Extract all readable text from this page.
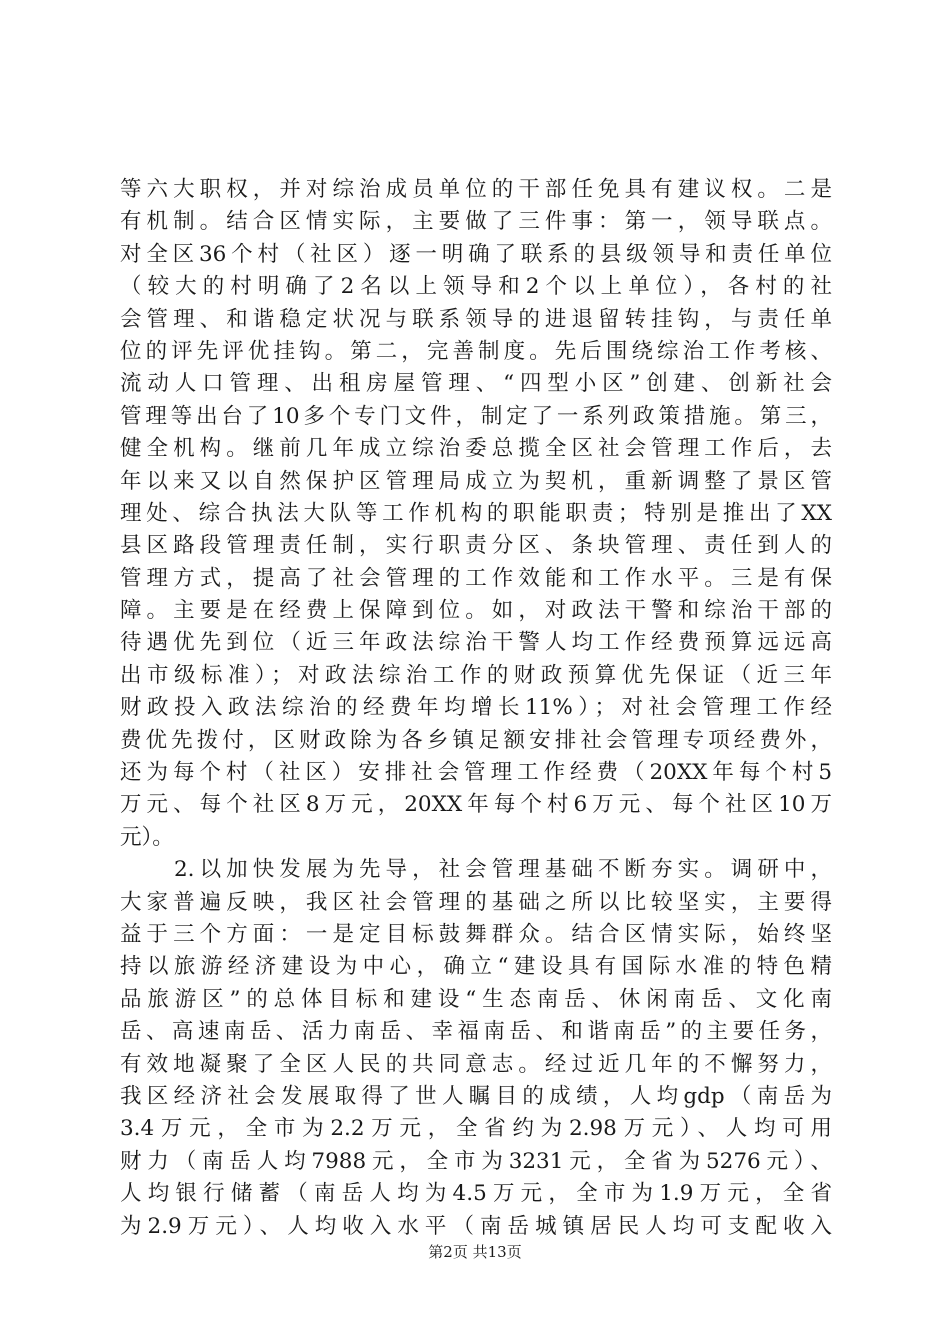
等六大职权，并对综治成员单位的干部任免具有建议权。二是
有机制。结合区情实际，主要做了三件事：第一，领导联点。
对全区36个村（社区）逐一明确了联系的县级领导和责任单位
（较大的村明确了2名以上领导和2个以上单位），各村的社
会管理、和谐稳定状况与联系领导的进退留转挂钩，与责任单
位的评先评优挂钩。第二，完善制度。先后围绕综治工作考核、
流动人口管理、出租房屋管理、“四型小区”创建、创新社会
管理等出台了10多个专门文件，制定了一系列政策措施。第三，
健全机构。继前几年成立综治委总揽全区社会管理工作后，去
年以来又以自然保护区管理局成立为契机，重新调整了景区管
理处、综合执法大队等工作机构的职能职责；特别是推出了XX
县区路段管理责任制，实行职责分区、条块管理、责任到人的
管理方式，提高了社会管理的工作效能和工作水平。三是有保
障。主要是在经费上保障到位。如，对政法干警和综治干部的
待遇优先到位（近三年政法综治干警人均工作经费预算远远高
出市级标准）；对政法综治工作的财政预算优先保证（近三年
财政投入政法综治的经费年均增长11%）；对社会管理工作经
费优先拨付，区财政除为各乡镇足额安排社会管理专项经费外，
还为每个村（社区）安排社会管理工作经费（20XX年每个村5
万元、每个社区8万元，20XX年每个村6万元、每个社区10万
元）。
2.以加快发展为先导，社会管理基础不断夯实。调研中，
大家普遍反映，我区社会管理的基础之所以比较坚实，主要得
益于三个方面：一是定目标鼓舞群众。结合区情实际，始终坚
持以旅游经济建设为中心，确立“建设具有国际水准的特色精
品旅游区”的总体目标和建设“生态南岳、休闲南岳、文化南
岳、高速南岳、活力南岳、幸福南岳、和谐南岳”的主要任务，
有效地凝聚了全区人民的共同意志。经过近几年的不懈努力，
我区经济社会发展取得了世人瞩目的成绩，人均gdp（南岳为
3.4万元，全市为2.2万元，全省约为2.98万元）、人均可用
财力（南岳人均7988元，全市为3231元，全省为5276元）、
人均银行储蓄（南岳人均为4.5万元，全市为1.9万元，全省
为2.9万元）、人均收入水平（南岳城镇居民人均可支配收入
第2页 共13页
